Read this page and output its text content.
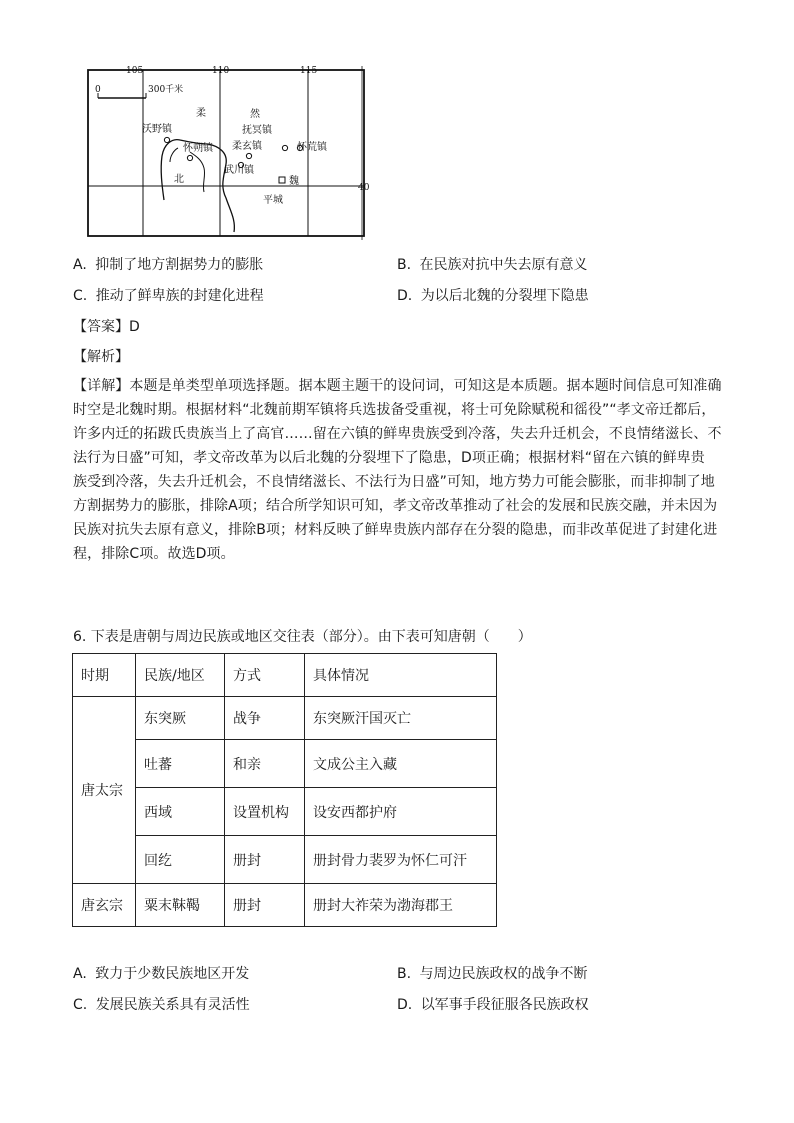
105	110	115
40
0	300千米
柔	然
沃野镇
怀朔镇
抚冥镇
柔玄镇	怀荒镇
武川镇
魏
平城
北
A. 抑制了地方割据势力的膨胀	B. 在民族对抗中失去原有意义
C. 推动了鲜卑族的封建化进程	D. 为以后北魏的分裂埋下隐患
【答案】D
【解析】
【详解】本题是单类型单项选择题。据本题主题干的设问词，可知这是本质题。据本题时间信息可知准确
时空是北魏时期。根据材料“北魏前期军镇将兵选拔备受重视，将士可免除赋税和徭役”“孝文帝迁都后，
许多内迁的拓跋氏贵族当上了高官……留在六镇的鲜卑贵族受到冷落，失去升迁机会，不良情绪滋长、不
法行为日盛”可知，孝文帝改革为以后北魏的分裂埋下了隐患，D项正确；根据材料“留在六镇的鲜卑贵
族受到冷落，失去升迁机会，不良情绪滋长、不法行为日盛”可知，地方势力可能会膨胀，而非抑制了地
方割据势力的膨胀，排除A项；结合所学知识可知，孝文帝改革推动了社会的发展和民族交融，并未因为
民族对抗失去原有意义，排除B项；材料反映了鲜卑贵族内部存在分裂的隐患，而非改革促进了封建化进
程，排除C项。故选D项。
6. 下表是唐朝与周边民族或地区交往表（部分）。由下表可知唐朝（　　）
时期	民族/地区	方式	具体情况
唐太宗	东突厥	战争	东突厥汗国灭亡
	吐蕃	和亲	文成公主入藏
	西域	设置机构	设安西都护府
	回纥	册封	册封骨力裴罗为怀仁可汗
唐玄宗	粟末靺鞨	册封	册封大祚荣为渤海郡王
A. 致力于少数民族地区开发	B. 与周边民族政权的战争不断
C. 发展民族关系具有灵活性	D. 以军事手段征服各民族政权
